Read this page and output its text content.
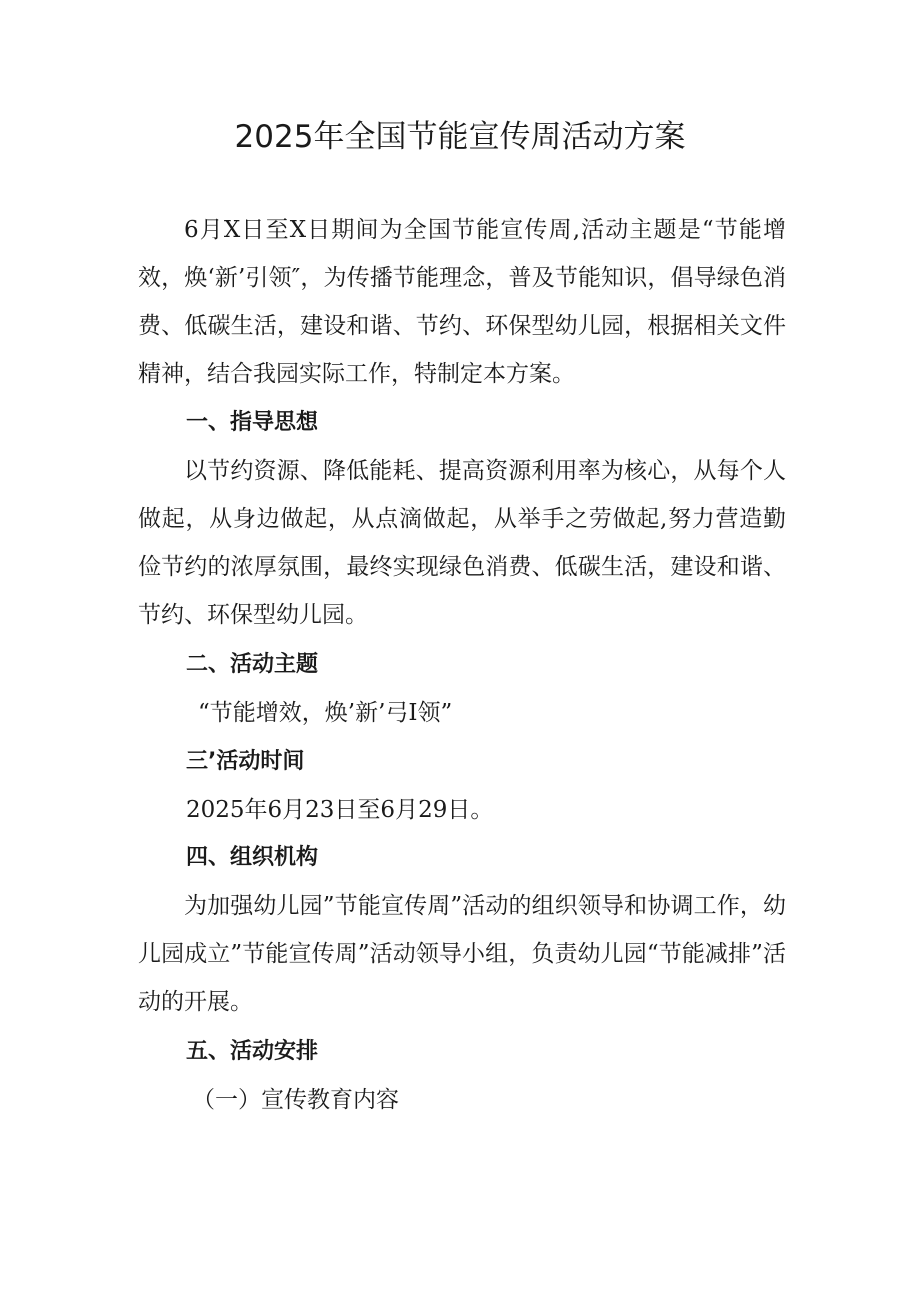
2025年全国节能宣传周活动方案

6月X日至X日期间为全国节能宣传周,活动主题是“节能增效，焕‘新’引领″，为传播节能理念，普及节能知识，倡导绿色消费、低碳生活，建设和谐、节约、环保型幼儿园，根据相关文件精神，结合我园实际工作，特制定本方案。

一、指导思想

以节约资源、降低能耗、提高资源利用率为核心，从每个人做起，从身边做起，从点滴做起，从举手之劳做起,努力营造勤俭节约的浓厚氛围，最终实现绿色消费、低碳生活，建设和谐、节约、环保型幼儿园。

二、活动主题
“节能增效，焕’新’弓I领”
三’活动时间
2025年6月23日至6月29日。
四、组织机构

为加强幼儿园”节能宣传周”活动的组织领导和协调工作，幼儿园成立”节能宣传周”活动领导小组，负责幼儿园“节能减排”活动的开展。

五、活动安排
（一）宣传教育内容
